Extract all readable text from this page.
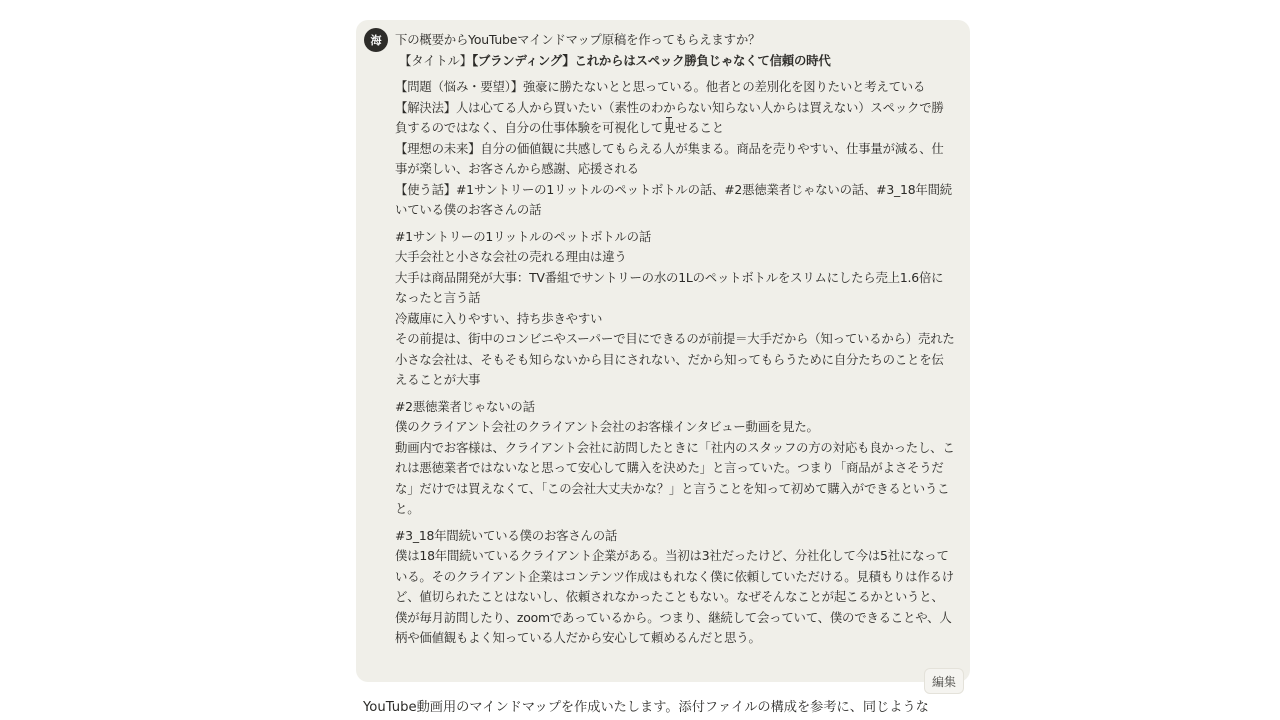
海	下の概要からYouTubeマインドマップ原稿を作ってもらえますか？

【タイトル】【ブランディング】これからはスペック勝負じゃなくて信頼の時代

【問題（悩み・要望）】強豪に勝たないとと思っている。他者との差別化を図りたいと考えている

【解決法】人は心てる人から買いたい（素性のわからない知らない人からは買えない）スペックで勝負するのではなく、自分の仕事体験を可視化して見せること

【理想の未来】自分の価値観に共感してもらえる人が集まる。商品を売りやすい、仕事量が減る、仕事が楽しい、お客さんから感謝、応援される

【使う話】#1サントリーの1リットルのペットボトルの話、#2悪徳業者じゃないの話、#3_18年間続いている僕のお客さんの話

#1サントリーの1リットルのペットボトルの話

大手会社と小さな会社の売れる理由は違う

大手は商品開発が大事：TV番組でサントリーの水の1Lのペットボトルをスリムにしたら売上1.6倍になったと言う話

冷蔵庫に入りやすい、持ち歩きやすい

その前提は、街中のコンビニやスーパーで目にできるのが前提＝大手だから（知っているから）売れた

小さな会社は、そもそも知らないから目にされない、だから知ってもらうために自分たちのことを伝えることが大事

#2悪徳業者じゃないの話

僕のクライアント会社のクライアント会社のお客様インタビュー動画を見た。

動画内でお客様は、クライアント会社に訪問したときに「社内のスタッフの方の対応も良かったし、これは悪徳業者ではないなと思って安心して購入を決めた」と言っていた。つまり「商品がよさそうだな」だけでは買えなくて、「この会社大丈夫かな？」と言うことを知って初めて購入ができるということ。

#3_18年間続いている僕のお客さんの話

僕は18年間続いているクライアント企業がある。当初は3社だったけど、分社化して今は5社になっている。そのクライアント企業はコンテンツ作成はもれなく僕に依頼していただける。見積もりは作るけど、値切られたことはないし、依頼されなかったこともない。なぜそんなことが起こるかというと、僕が毎月訪問したり、zoomであっているから。つまり、継続して会っていて、僕のできることや、人柄や価値観もよく知っている人だから安心して頼めるんだと思う。

編集
YouTube動画用のマインドマップを作成いたします。添付ファイルの構成を参考に、同じような
